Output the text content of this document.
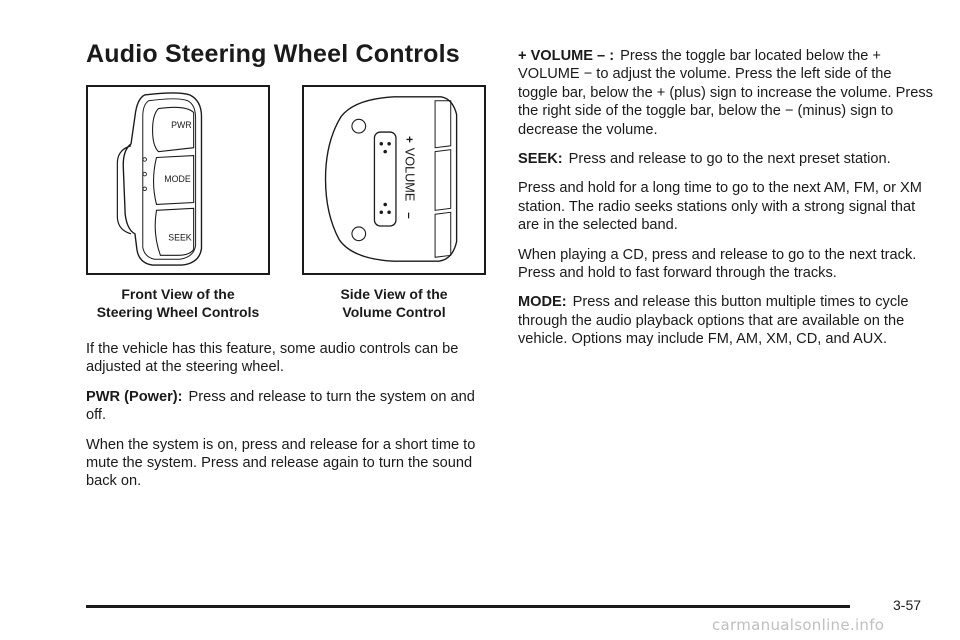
Audio Steering Wheel Controls
PWR
MODE
SEEK
+
VOLUME
–
Front View of the
Steering Wheel Controls
Side View of the
Volume Control

If the vehicle has this feature, some audio controls can be adjusted at the steering wheel.

PWR (Power): Press and release to turn the system on and off.

When the system is on, press and release for a short time to mute the system. Press and release again to turn the sound back on.

+ VOLUME – : Press the toggle bar located below the + VOLUME − to adjust the volume. Press the left side of the toggle bar, below the + (plus) sign to increase the volume. Press the right side of the toggle bar, below the − (minus) sign to decrease the volume.

SEEK: Press and release to go to the next preset station.

Press and hold for a long time to go to the next AM, FM, or XM station. The radio seeks stations only with a strong signal that are in the selected band.

When playing a CD, press and release to go to the next track. Press and hold to fast forward through the tracks.

MODE: Press and release this button multiple times to cycle through the audio playback options that are available on the vehicle. Options may include FM, AM, XM, CD, and AUX.

3-57
carmanualsonline.info
